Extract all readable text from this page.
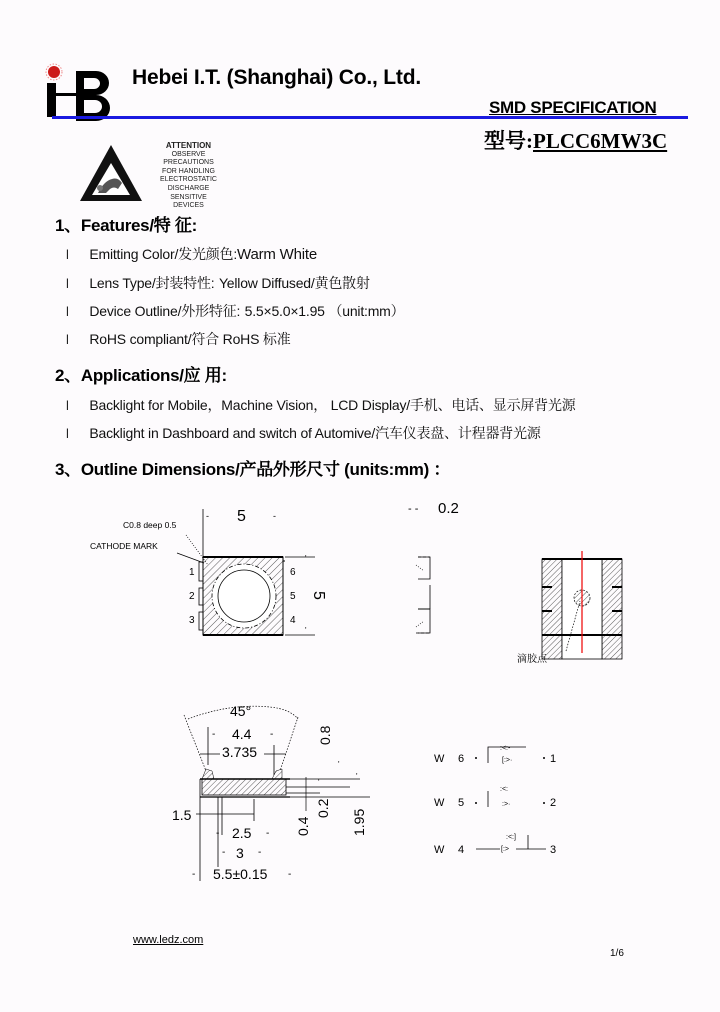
Hebei I.T. (Shanghai) Co., Ltd.
SMD SPECIFICATION
型号:PLCC6MW3C
ATTENTION
OBSERVE PRECAUTIONS
FOR HANDLING
ELECTROSTATIC
DISCHARGE
SENSITIVE
DEVICES
1、Features/特 征:
l Emitting Color/发光颜色:Warm White
l Lens Type/封装特性: Yellow Diffused/黄色散射
l Device Outline/外形特征: 5.5×5.0×1.95 （unit:mm）
l RoHS compliant/符合 RoHS 标准
2、Applications/应 用:
l Backlight for Mobile，Machine Vision， LCD Display/手机、电话、显示屏背光源
l Backlight in Dashboard and switch of Automive/汽车仪表盘、计程器背光源
3、Outline Dimensions/产品外形尺寸 (units:mm) ：
- 5	-
C0.8 deep 0.5
CATHODE MARK
1
2
3
6
5
4
'
5
'
- - 0.2
滴胶点
45°
- 4.4 -
3.735
0.8
'
'
'
0.4
0.2
1.95
1.5
- 2.5 -
- 3 -
- 5.5±0.15 -
W 6
:<:-
[:>·	1
W 5
:<:
:>·	2
W 4
:<:]
[:>	3
www.ledz.com
1/6
